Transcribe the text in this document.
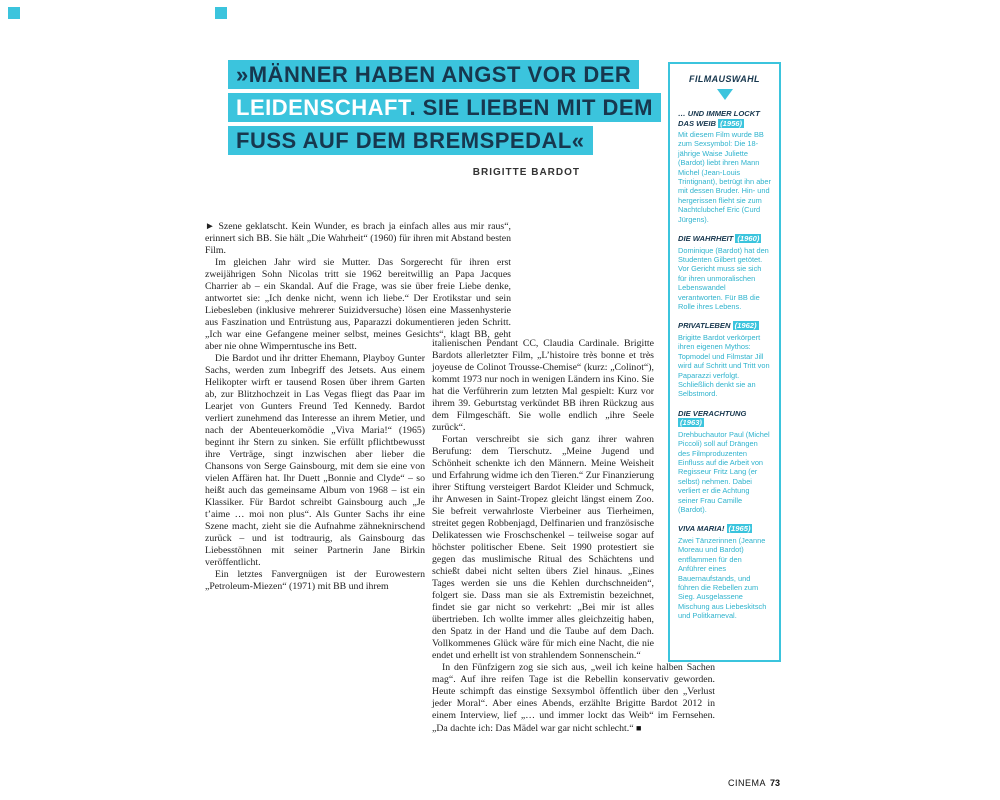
»MÄNNER HABEN ANGST VOR DER
LEIDENSCHAFT. SIE LIEBEN MIT DEM
FUSS AUF DEM BREMSPEDAL«
BRIGITTE BARDOT

► Szene geklatscht. Kein Wunder, es brach ja einfach alles aus mir raus“, erinnert sich BB. Sie hält „Die Wahrheit“ (1960) für ihren mit Abstand besten Film.

Im gleichen Jahr wird sie Mutter. Das Sorgerecht für ihren erst zweijährigen Sohn Nicolas tritt sie 1962 bereitwillig an Papa Jacques Charrier ab – ein Skandal. Auf die Frage, was sie über freie Liebe denke, antwortet sie: „Ich denke nicht, wenn ich liebe.“ Der Erotikstar und sein Liebesleben (inklusive mehrerer Suizidversuche) lösen eine Massenhysterie aus Faszination und Entrüstung aus, Paparazzi dokumentieren jeden Schritt. „Ich war eine Gefangene meiner selbst, meines Gesichts“, klagt BB, geht aber nie ohne Wimperntusche ins Bett.

Die Bardot und ihr dritter Ehemann, Playboy Gunter Sachs, werden zum Inbegriff des Jetsets. Aus einem Helikopter wirft er tausend Rosen über ihrem Garten ab, zur Blitzhochzeit in Las Vegas fliegt das Paar im Learjet von Gunters Freund Ted Kennedy. Bardot verliert zunehmend das Interesse an ihrem Metier, und nach der Abenteuerkomödie „Viva Maria!“ (1965) beginnt ihr Stern zu sinken. Sie erfüllt pflichtbewusst ihre Verträge, singt inzwischen aber lieber die Chansons von Serge Gainsbourg, mit dem sie eine von vielen Affären hat. Ihr Duett „Bonnie and Clyde“ – so heißt auch das gemeinsame Album von 1968 – ist ein Klassiker. Für Bardot schreibt Gainsbourg auch „Je t’aime … moi non plus“. Als Gunter Sachs ihr eine Szene macht, zieht sie die Aufnahme zähneknirschend zurück – und ist todtraurig, als Gainsbourg das Liebesstöhnen mit seiner Partnerin Jane Birkin veröffentlicht.

Ein letztes Fanvergnügen ist der Eurowestern „Petroleum-Miezen“ (1971) mit BB und ihrem

italienischen Pendant CC, Claudia Cardinale. Brigitte Bardots allerletzter Film, „L’histoire très bonne et très joyeuse de Colinot Trousse-Chemise“ (kurz: „Colinot“), kommt 1973 nur noch in wenigen Ländern ins Kino. Sie hat die Verführerin zum letzten Mal gespielt: Kurz vor ihrem 39. Geburtstag verkündet BB ihren Rückzug aus dem Filmgeschäft. Sie wolle endlich „ihre Seele zurück“.

Fortan verschreibt sie sich ganz ihrer wahren Berufung: dem Tierschutz. „Meine Jugend und Schönheit schenkte ich den Männern. Meine Weisheit und Erfahrung widme ich den Tieren.“ Zur Finanzierung ihrer Stiftung versteigert Bardot Kleider und Schmuck, ihr Anwesen in Saint-Tropez gleicht längst einem Zoo. Sie befreit verwahrloste Vierbeiner aus Tierheimen, streitet gegen Robbenjagd, Delfinarien und französische Delikatessen wie Froschschenkel – teilweise sogar auf höchster politischer Ebene. Seit 1990 protestiert sie gegen das muslimische Ritual des Schächtens und schießt dabei nicht selten übers Ziel hinaus. „Eines Tages werden sie uns die Kehlen durchschneiden“, folgert sie. Dass man sie als Extremistin bezeichnet, findet sie gar nicht so verkehrt: „Bei mir ist alles übertrieben. Ich wollte immer alles gleichzeitig haben, den Spatz in der Hand und die Taube auf dem Dach. Vollkommenes Glück wäre für mich eine Nacht, die nie endet und erhellt ist von strahlendem Sonnenschein.“

In den Fünfzigern zog sie sich aus, „weil ich keine halben Sachen mag“. Auf ihre reifen Tage ist die Rebellin konservativ geworden. Heute schimpft das einstige Sexsymbol öffentlich über den „Verlust jeder Moral“. Aber eines Abends, erzählte Brigitte Bardot 2012 in einem Interview, lief „… und immer lockt das Weib“ im Fernsehen. „Da dachte ich: Das Mädel war gar nicht schlecht.“ ■

FILMAUSWAHL
… UND IMMER LOCKT DAS WEIB (1956)
Mit diesem Film wurde BB zum Sexsymbol: Die 18-jährige Waise Juliette (Bardot) liebt ihren Mann Michel (Jean-Louis Trintignant), betrügt ihn aber mit dessen Bruder. Hin- und hergerissen flieht sie zum Nachtclubchef Eric (Curd Jürgens).
DIE WAHRHEIT (1960)
Dominique (Bardot) hat den Studenten Gilbert getötet. Vor Gericht muss sie sich für ihren unmoralischen Lebenswandel verantworten. Für BB die Rolle ihres Lebens.
PRIVATLEBEN (1962)
Brigitte Bardot verkörpert ihren eigenen Mythos: Topmodel und Filmstar Jill wird auf Schritt und Tritt von Paparazzi verfolgt. Schließlich denkt sie an Selbstmord.
DIE VERACHTUNG (1963)
Drehbuchautor Paul (Michel Piccoli) soll auf Drängen des Filmproduzenten Einfluss auf die Arbeit von Regisseur Fritz Lang (er selbst) nehmen. Dabei verliert er die Achtung seiner Frau Camille (Bardot).
VIVA MARIA! (1965)
Zwei Tänzerinnen (Jeanne Moreau und Bardot) entflammen für den Anführer eines Bauernaufstands, und führen die Rebellen zum Sieg. Ausgelassene Mischung aus Liebeskitsch und Politkarneval.
CINEMA 73
